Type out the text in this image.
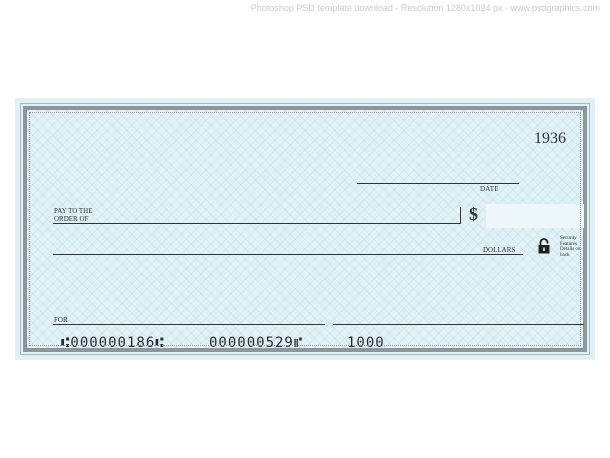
Photoshop PSD template download - Resolution 1280x1024 px - www.psdgraphics.com
1936
DATE
PAY TO THE
ORDER OF	$
DOLLARS
Security
Features
Details on
back
FOR
⑆000000186⑆	000000529⑈	1000
